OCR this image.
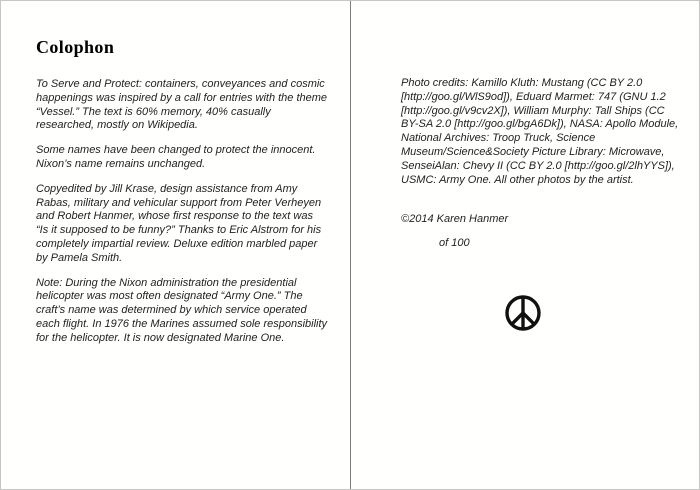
Colophon

To Serve and Protect: containers, conveyances and cosmic happenings was inspired by a call for entries with the theme “Vessel.” The text is 60% memory, 40% casually researched, mostly on Wikipedia.

Some names have been changed to protect the innocent. Nixon’s name remains unchanged.

Copyedited by Jill Krase, design assistance from Amy Rabas, military and vehicular support from Peter Verheyen and Robert Hanmer, whose first response to the text was “Is it supposed to be funny?” Thanks to Eric Alstrom for his completely impartial review. Deluxe edition marbled paper by Pamela Smith.

Note: During the Nixon administration the presidential helicopter was most often designated “Army One.” The craft’s name was determined by which service operated each flight. In 1976 the Marines assumed sole responsibility for the helicopter. It is now designated Marine One.

Photo credits: Kamillo Kluth: Mustang (CC BY 2.0 [http://goo.gl/WlS9od]), Eduard Marmet: 747 (GNU 1.2 [http://goo.gl/v9cv2X]), William Murphy: Tall Ships (CC BY-SA 2.0 [http://goo.gl/bgA6Dk]), NASA: Apollo Module, National Archives: Troop Truck, Science Museum/Science&Society Picture Library: Microwave, SenseiAlan: Chevy II (CC BY 2.0 [http://goo.gl/2lhYYS]), USMC: Army One. All other photos by the artist.

©2014 Karen Hanmer

of 100
